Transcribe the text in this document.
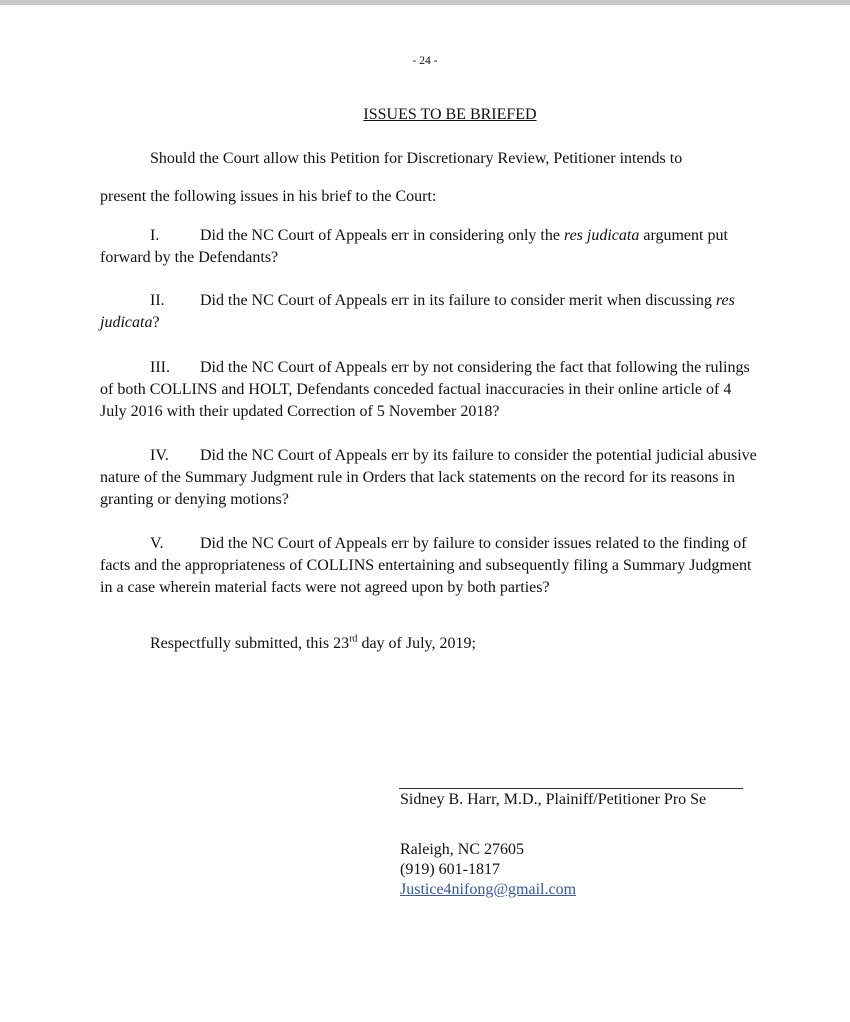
- 24 -
ISSUES TO BE BRIEFED
Should the Court allow this Petition for Discretionary Review, Petitioner intends to
present the following issues in his brief to the Court:
I.	Did the NC Court of Appeals err in considering only the res judicata argument put forward by the Defendants?
II. Did the NC Court of Appeals err in its failure to consider merit when discussing res judicata?
III. Did the NC Court of Appeals err by not considering the fact that following the rulings of both COLLINS and HOLT, Defendants conceded factual inaccuracies in their online article of 4 July 2016 with their updated Correction of 5 November 2018?
IV. Did the NC Court of Appeals err by its failure to consider the potential judicial abusive nature of the Summary Judgment rule in Orders that lack statements on the record for its reasons in granting or denying motions?
V. Did the NC Court of Appeals err by failure to consider issues related to the finding of facts and the appropriateness of COLLINS entertaining and subsequently filing a Summary Judgment in a case wherein material facts were not agreed upon by both parties?
Respectfully submitted, this 23rd day of July, 2019;
Sidney B. Harr, M.D., Plainiff/Petitioner Pro Se
Raleigh, NC 27605
(919) 601-1817
Justice4nifong@gmail.com
